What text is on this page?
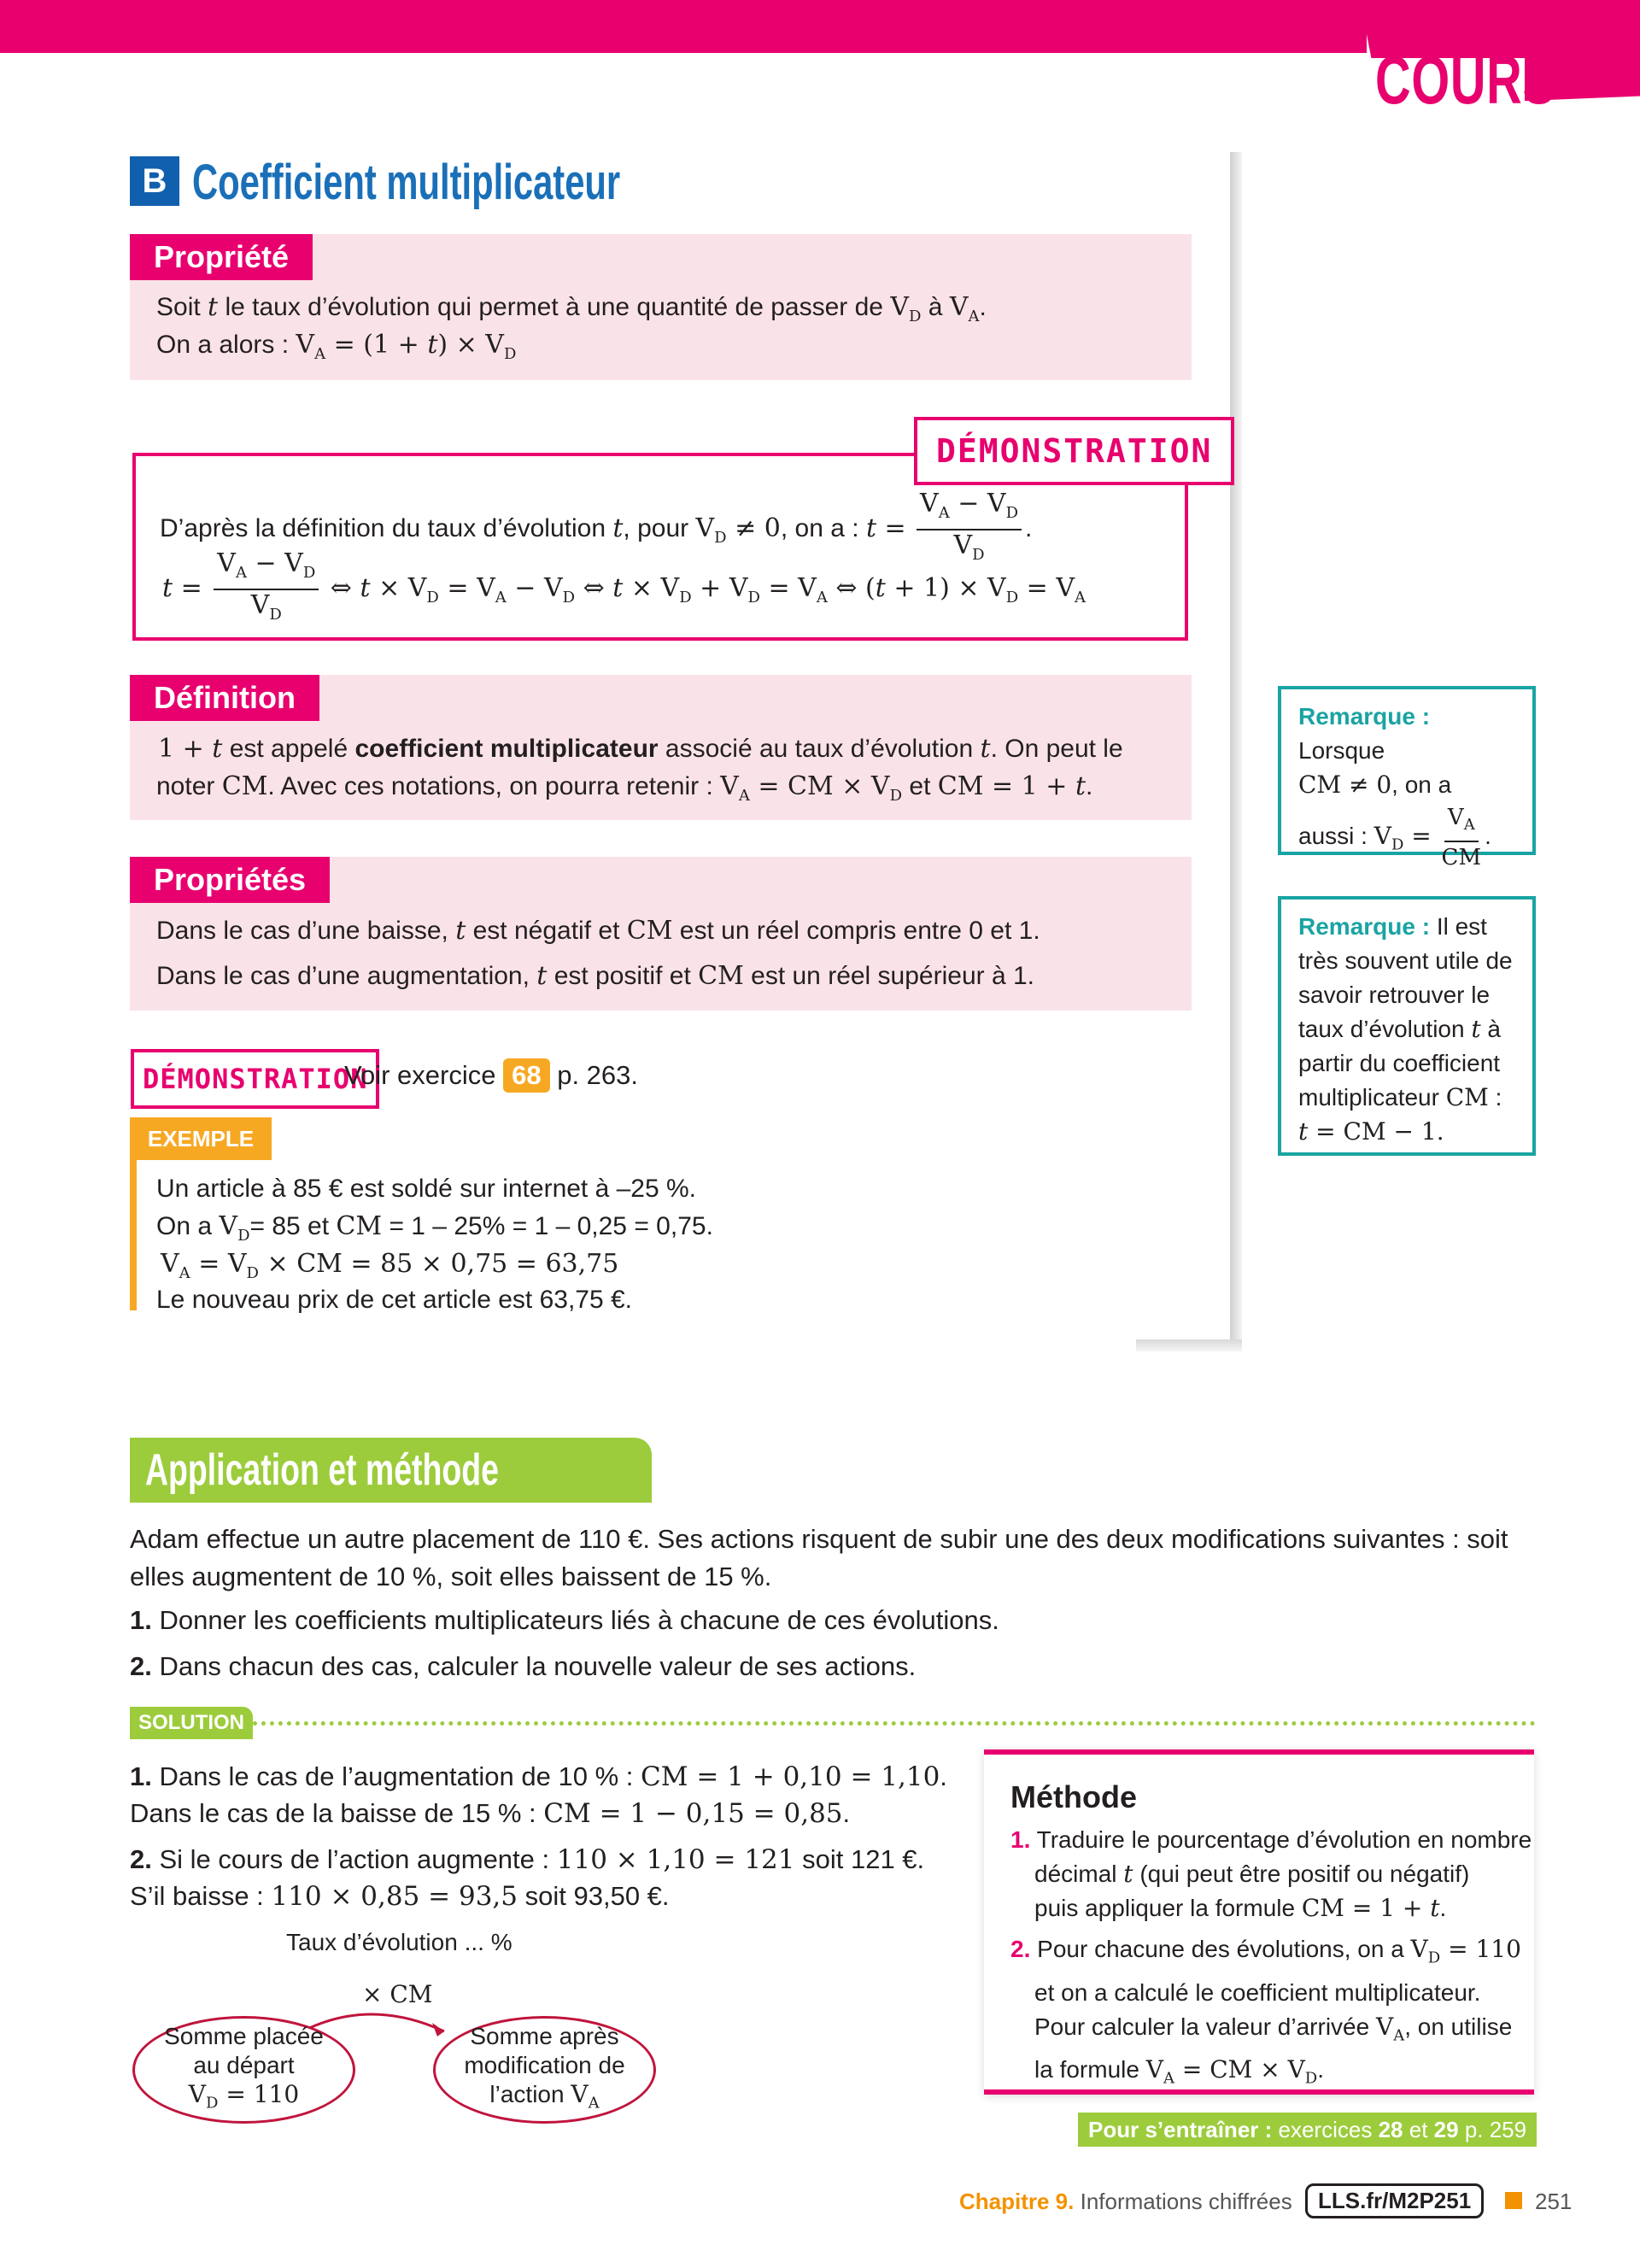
COURS
B Coefficient multiplicateur
Propriété
Soit t le taux d’évolution qui permet à une quantité de passer de $V_D$ à $V_A$.
On a alors : $V_A = (1 + t) \times V_D$
DÉMONSTRATION
D’après la définition du taux d’évolution t, pour $V_D \ne 0$, on a : $t = \frac{V_A - V_D}{V_D}$ .
$t = \frac{V_A - V_D}{V_D}$ ⇔ $t \times V_D = V_A - V_D$ ⇔ $t \times V_D + V_D = V_A$ ⇔ $(t + 1) \times V_D = V_A$
Définition
1 + t est appelé coefficient multiplicateur associé au taux d’évolution t. On peut le
noter CM. Avec ces notations, on pourra retenir : $V_A$ = CM × $V_D$ et CM = 1 + t.
Propriétés
Dans le cas d’une baisse, t est négatif et CM est un réel compris entre 0 et 1.
Dans le cas d’une augmentation, t est positif et CM est un réel supérieur à 1.
DÉMONSTRATION
Voir exercice 68 p. 263.
EXEMPLE
Un article à 85 € est soldé sur internet à –25 %.
On a $V_D= 85$ et CM = 1 – 25% = 1 – 0,25 = 0,75.
$V_A = V_D$ × CM = 85 × 0,75 = 63,75
Le nouveau prix de cet article est 63,75 €.
Remarque : Lorsque
CM ≠ 0, on a
aussi : $V_D = \frac{V_A}{CM}$ .
Remarque : Il est
très souvent utile de
savoir retrouver le
taux d’évolution t à
partir du coefficient
multiplicateur CM :
t = CM − 1.
Application et méthode
Adam effectue un autre placement de 110 €. Ses actions risquent de subir une des deux modifications suivantes : soit
elles augmentent de 10 %, soit elles baissent de 15 %.
1. Donner les coefficients multiplicateurs liés à chacune de ces évolutions.
2. Dans chacun des cas, calculer la nouvelle valeur de ses actions.
SOLUTION
1. Dans le cas de l’augmentation de 10 % : CM = 1 + 0,10 = 1,10.
Dans le cas de la baisse de 15 % : CM = 1 − 0,15 = 0,85.
2. Si le cours de l’action augmente : 110 × 1,10 = 121 soit 121 €.
S’il baisse : 110 × 0,85 = 93,5 soit 93,50 €.
Taux d’évolution ... %
× CM
Somme placée
au départ
$V_D = 110$
Somme après
modification de
l’action $V_A$
Méthode
1. Traduire le pourcentage d’évolution en nombre
décimal t (qui peut être positif ou négatif)
puis appliquer la formule CM = 1 + t.
2. Pour chacune des évolutions, on a $V_D = 110$
et on a calculé le coefficient multiplicateur.
Pour calculer la valeur d’arrivée $V_A$, on utilise
la formule $V_A$ = CM × $V_D$.
Pour s’entraîner :
exercices
28
et
29
p. 259
Chapitre 9. Informations chiffrées	LLS.fr/M2P251	251
